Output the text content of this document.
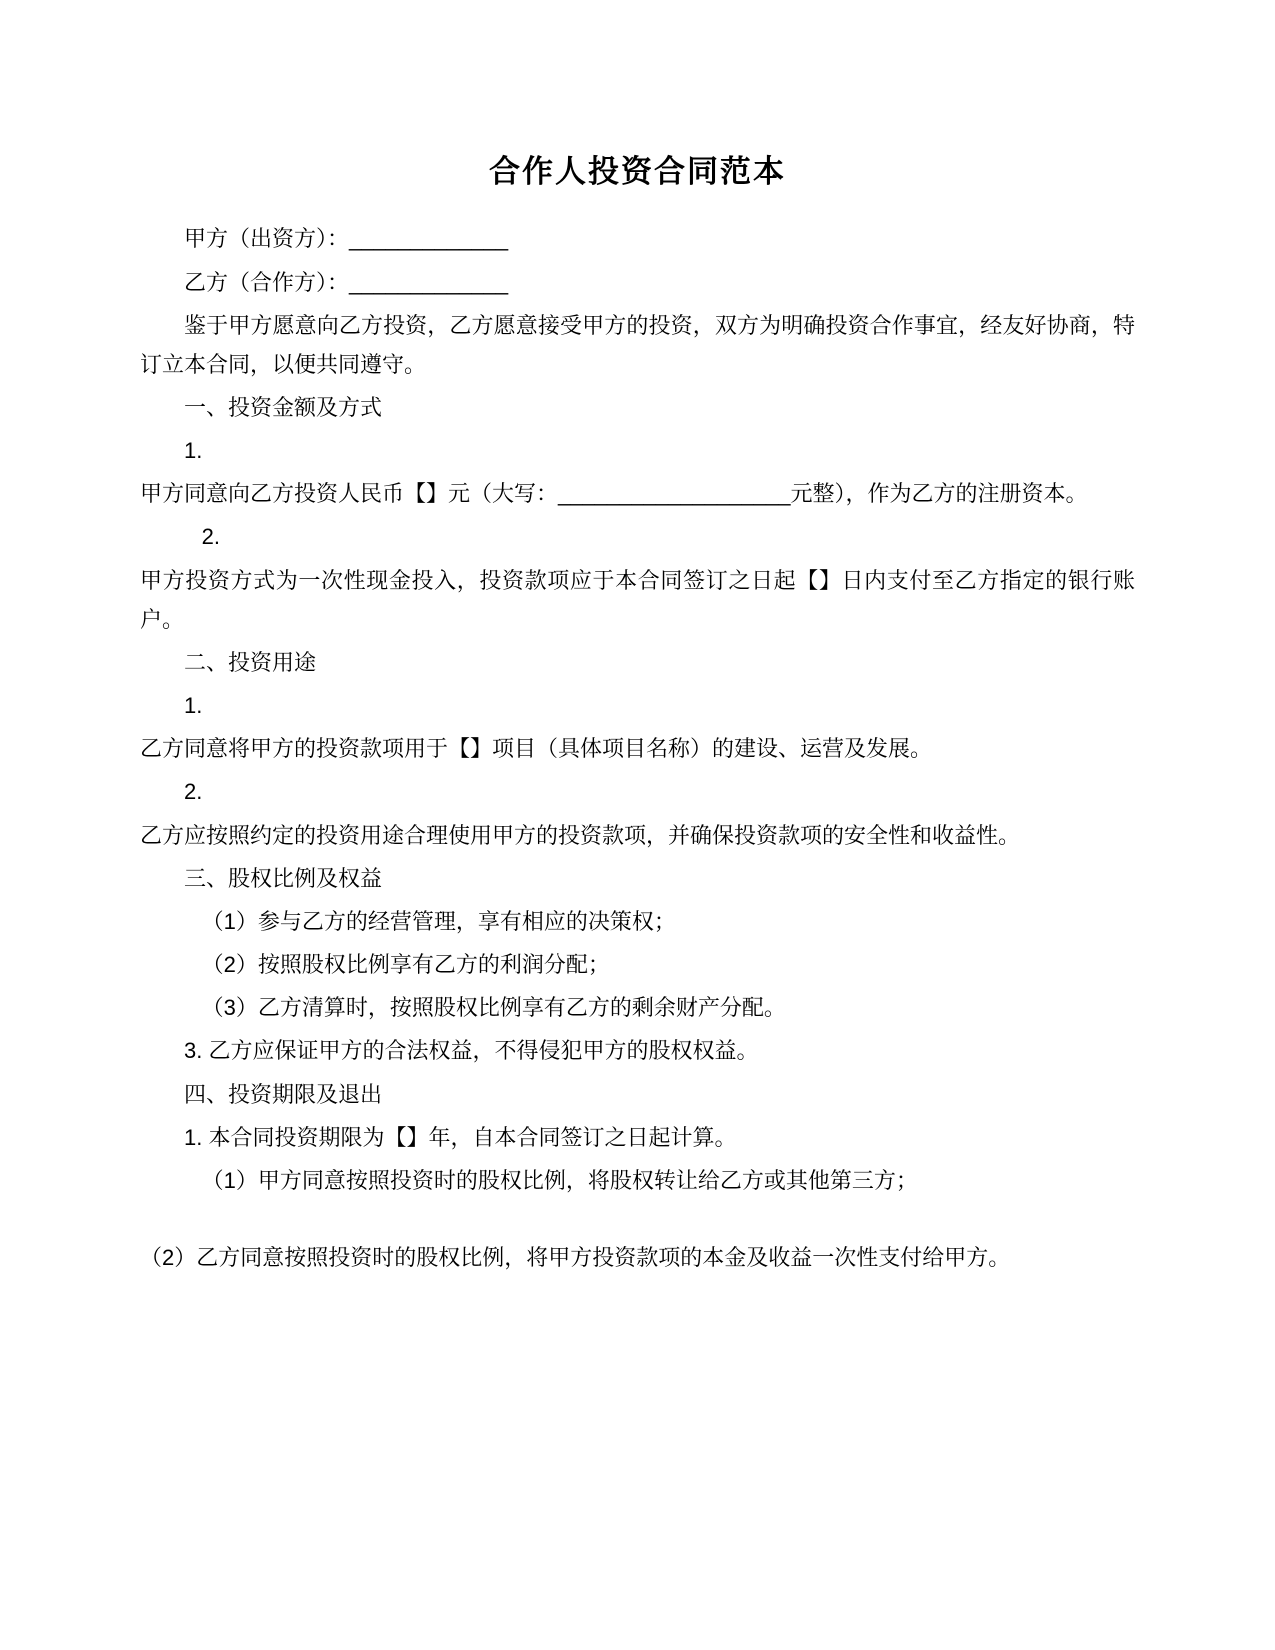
合作人投资合同范本

甲方（出资方）：_____________

乙方（合作方）：_____________

鉴于甲方愿意向乙方投资，乙方愿意接受甲方的投资，双方为明确投资合作事宜，经友好协商，特订立本合同，以便共同遵守。

一、投资金额及方式

1.

甲方同意向乙方投资人民币【】元（大写：___________________元整），作为乙方的注册资本。

2.

甲方投资方式为一次性现金投入，投资款项应于本合同签订之日起【】日内支付至乙方指定的银行账户。

二、投资用途

1.

乙方同意将甲方的投资款项用于【】项目（具体项目名称）的建设、运营及发展。

2.

乙方应按照约定的投资用途合理使用甲方的投资款项，并确保投资款项的安全性和收益性。

三、股权比例及权益

（1）参与乙方的经营管理，享有相应的决策权；

（2）按照股权比例享有乙方的利润分配；

（3）乙方清算时，按照股权比例享有乙方的剩余财产分配。

3. 乙方应保证甲方的合法权益，不得侵犯甲方的股权权益。

四、投资期限及退出

1. 本合同投资期限为【】年，自本合同签订之日起计算。

（1）甲方同意按照投资时的股权比例，将股权转让给乙方或其他第三方；

（2）乙方同意按照投资时的股权比例，将甲方投资款项的本金及收益一次性支付给甲方。
